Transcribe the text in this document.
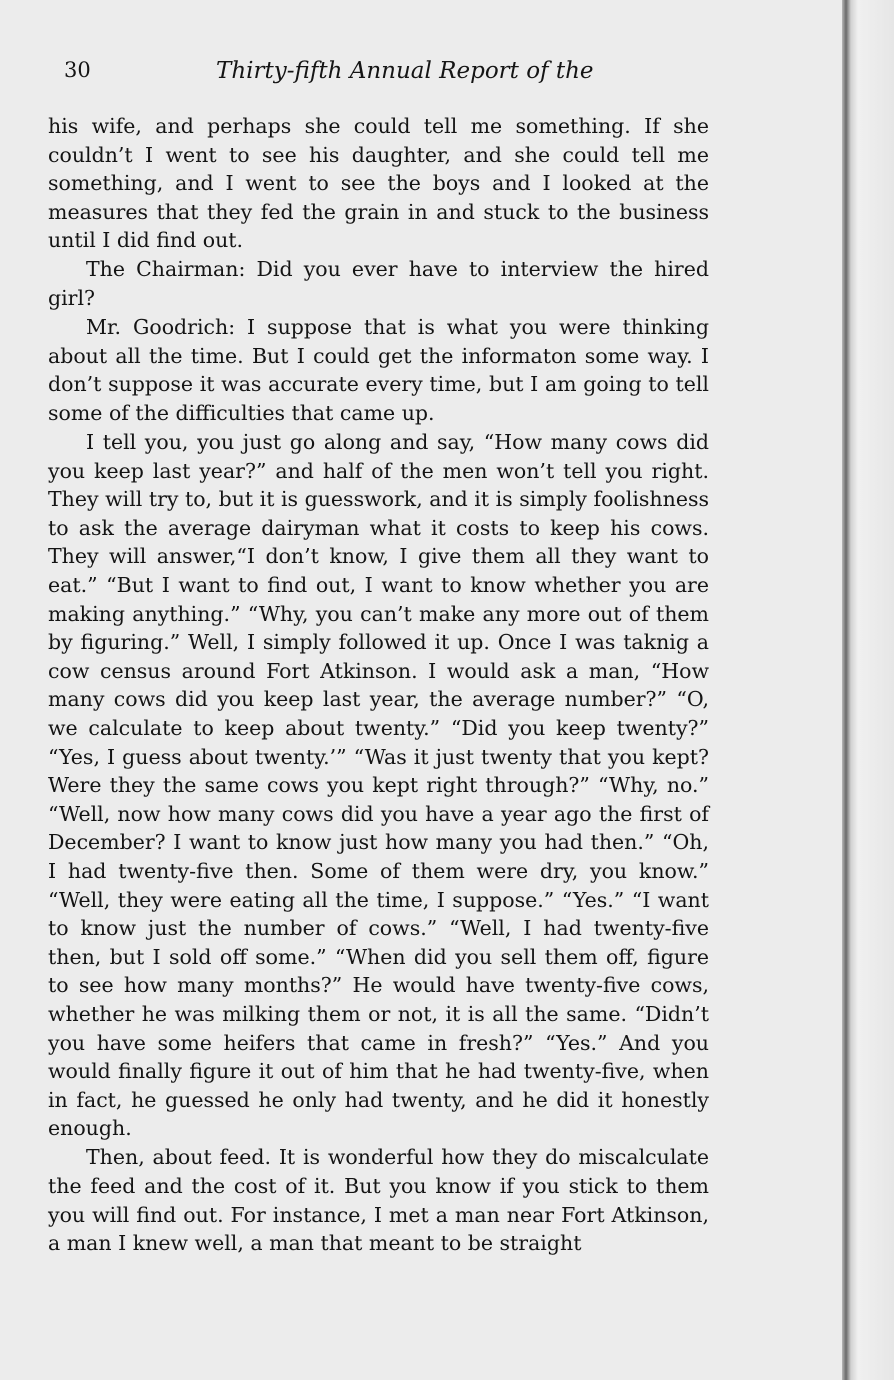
30	Thirty-fifth Annual Report of the

his wife, and perhaps she could tell me something. If she couldn’t I went to see his daughter, and she could tell me something, and I went to see the boys and I looked at the measures that they fed the grain in and stuck to the business until I did find out.

The Chairman: Did you ever have to interview the hired girl?

Mr. Goodrich: I suppose that is what you were thinking about all the time. But I could get the informaton some way. I don’t suppose it was accurate every time, but I am going to tell some of the difficulties that came up.

I tell you, you just go along and say, “How many cows did you keep last year?” and half of the men won’t tell you right. They will try to, but it is guesswork, and it is simply foolishness to ask the average dairyman what it costs to keep his cows. They will answer,“I don’t know, I give them all they want to eat.” “But I want to find out, I want to know whether you are making anything.” “Why, you can’t make any more out of them by figuring.” Well, I simply followed it up. Once I was taknig a cow census around Fort Atkinson. I would ask a man, “How many cows did you keep last year, the average number?” “O, we calculate to keep about twenty.” “Did you keep twenty?” “Yes, I guess about twenty.’” “Was it just twenty that you kept? Were they the same cows you kept right through?” “Why, no.” “Well, now how many cows did you have a year ago the first of December? I want to know just how many you had then.” “Oh, I had twenty-five then. Some of them were dry, you know.” “Well, they were eating all the time, I suppose.” “Yes.” “I want to know just the number of cows.” “Well, I had twenty-five then, but I sold off some.” “When did you sell them off, figure to see how many months?” He would have twenty-five cows, whether he was milking them or not, it is all the same. “Didn’t you have some heifers that came in fresh?” “Yes.” And you would finally figure it out of him that he had twenty-five, when in fact, he guessed he only had twenty, and he did it honestly enough.

Then, about feed. It is wonderful how they do miscalculate the feed and the cost of it. But you know if you stick to them you will find out. For instance, I met a man near Fort Atkinson, a man I knew well, a man that meant to be straight
